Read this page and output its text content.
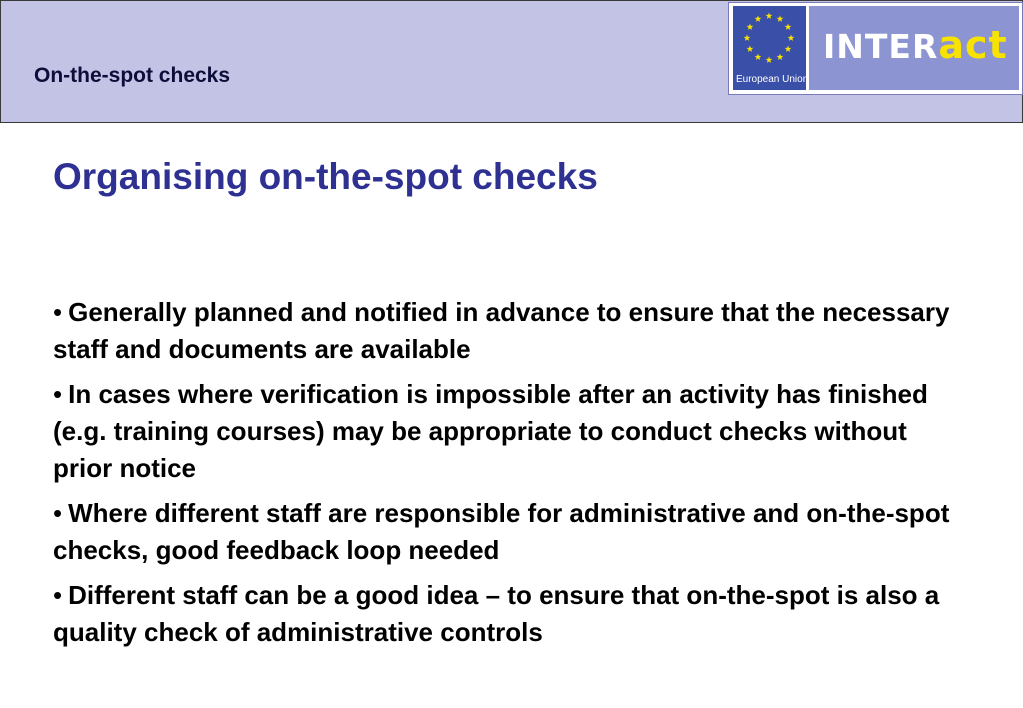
On-the-spot checks	European Union
INTERact
Organising on-the-spot checks
• Generally planned and notified in advance to ensure that the necessary staff and documents are available
• In cases where verification is impossible after an activity has finished (e.g. training courses) may be appropriate to conduct checks without prior notice
• Where different staff are responsible for administrative and on-the-spot checks, good feedback loop needed
• Different staff can be a good idea – to ensure that on-the-spot is also a quality check of administrative controls
